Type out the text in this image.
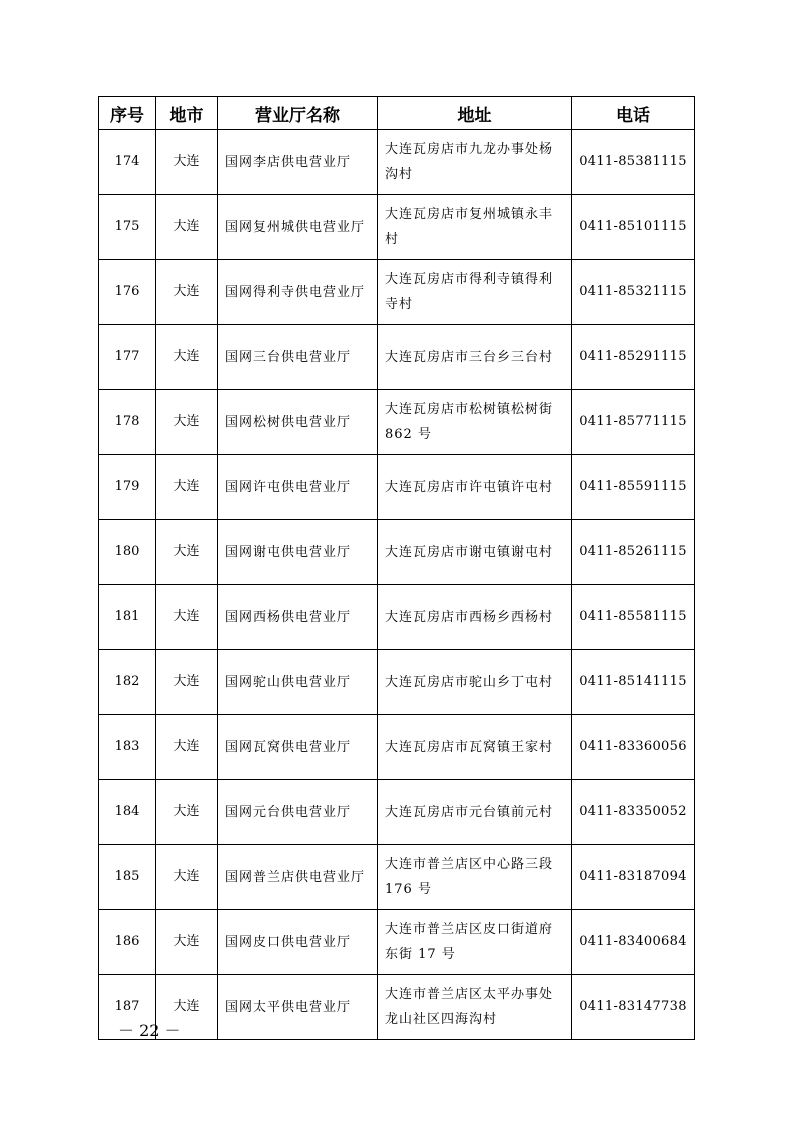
序号	地市	营业厅名称	地址	电话
174	大连	国网李店供电营业厅	大连瓦房店市九龙办事处杨沟村	0411-85381115
175	大连	国网复州城供电营业厅	大连瓦房店市复州城镇永丰村	0411-85101115
176	大连	国网得利寺供电营业厅	大连瓦房店市得利寺镇得利寺村	0411-85321115
177	大连	国网三台供电营业厅	大连瓦房店市三台乡三台村	0411-85291115
178	大连	国网松树供电营业厅	大连瓦房店市松树镇松树街 862 号	0411-85771115
179	大连	国网许屯供电营业厅	大连瓦房店市许屯镇许屯村	0411-85591115
180	大连	国网谢屯供电营业厅	大连瓦房店市谢屯镇谢屯村	0411-85261115
181	大连	国网西杨供电营业厅	大连瓦房店市西杨乡西杨村	0411-85581115
182	大连	国网驼山供电营业厅	大连瓦房店市驼山乡丁屯村	0411-85141115
183	大连	国网瓦窝供电营业厅	大连瓦房店市瓦窝镇王家村	0411-83360056
184	大连	国网元台供电营业厅	大连瓦房店市元台镇前元村	0411-83350052
185	大连	国网普兰店供电营业厅	大连市普兰店区中心路三段 176 号	0411-83187094
186	大连	国网皮口供电营业厅	大连市普兰店区皮口街道府东街 17 号	0411-83400684
187	大连	国网太平供电营业厅	大连市普兰店区太平办事处龙山社区四海沟村	0411-83147738
－ 22 －
